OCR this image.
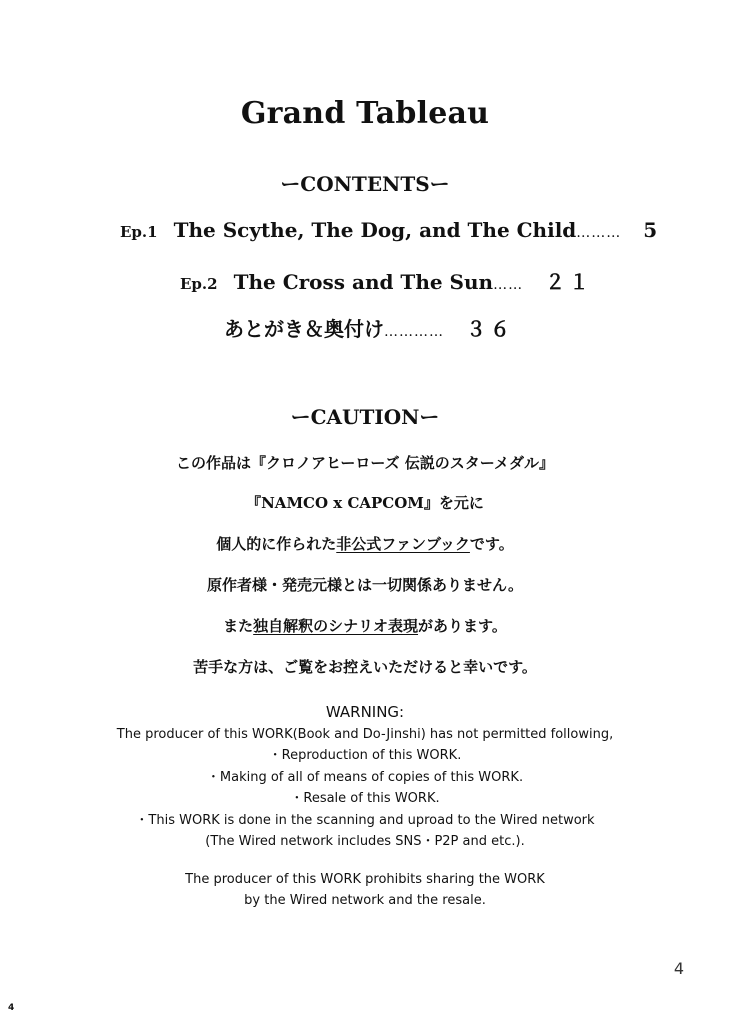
Grand Tableau
ーCONTENTSー
Ep.1 The Scythe, The Dog, and The Child……… 5
Ep.2 The Cross and The Sun…… ２１
あとがき＆奥付け………… ３６
ーCAUTIONー
この作品は『クロノアヒーローズ 伝説のスターメダル』
『NAMCO x CAPCOM』を元に
個人的に作られた非公式ファンブックです。
原作者様・発売元様とは一切関係ありません。
また独自解釈のシナリオ表現があります。
苦手な方は、ご覧をお控えいただけると幸いです。
WARNING:
The producer of this WORK(Book and Do-Jinshi) has not permitted following,
・Reproduction of this WORK.
・Making of all of means of copies of this WORK.
・Resale of this WORK.
・This WORK is done in the scanning and uproad to the Wired network
(The Wired network includes SNS・P2P and etc.).
The producer of this WORK prohibits sharing the WORK
by the Wired network and the resale.
4
4
